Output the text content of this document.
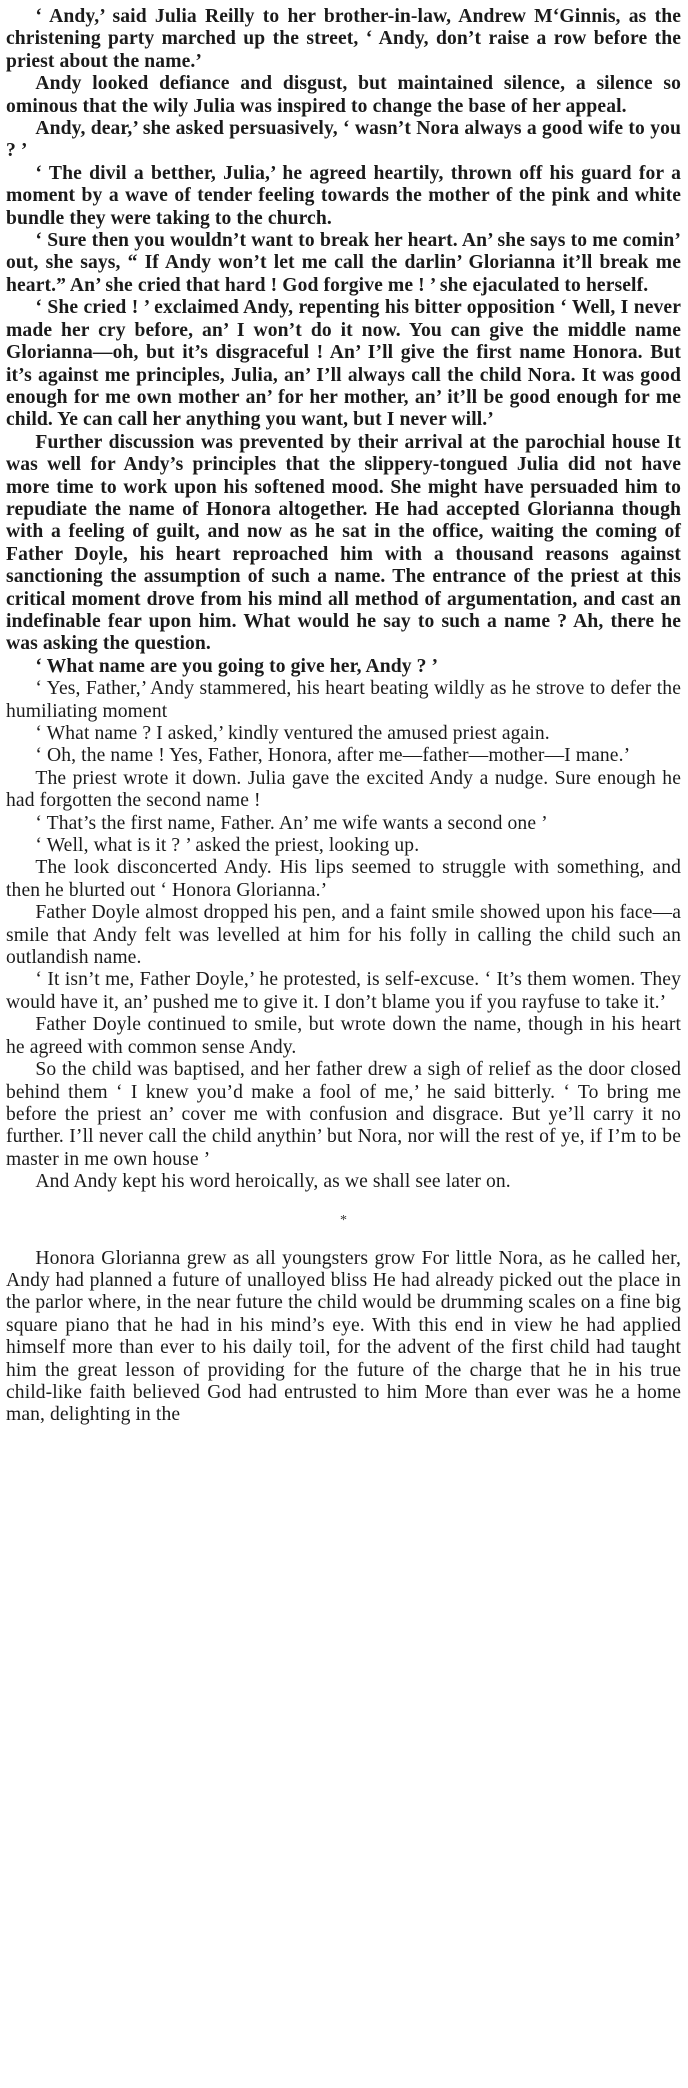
‘ Andy,’ said Julia Reilly to her brother-in-law, Andrew M‘Ginnis, as the christening party marched up the street, ‘ Andy, don’t raise a row before the priest about the name.’

Andy looked defiance and disgust, but maintained silence, a silence so ominous that the wily Julia was inspired to change the base of her appeal.

Andy, dear,’ she asked persuasively, ‘ wasn’t Nora always a good wife to you ? ’

‘ The divil a betther, Julia,’ he agreed heartily, thrown off his guard for a moment by a wave of tender feeling towards the mother of the pink and white bundle they were taking to the church.

‘ Sure then you wouldn’t want to break her heart. An’ she says to me comin’ out, she says, “ If Andy won’t let me call the darlin’ Glorianna it’ll break me heart.” An’ she cried that hard ! God forgive me ! ’ she ejaculated to herself.

‘ She cried ! ’ exclaimed Andy, repenting his bitter opposition ‘ Well, I never made her cry before, an’ I won’t do it now. You can give the middle name Glorianna—oh, but it’s disgraceful ! An’ I’ll give the first name Honora. But it’s against me principles, Julia, an’ I’ll always call the child Nora. It was good enough for me own mother an’ for her mother, an’ it’ll be good enough for me child. Ye can call her anything you want, but I never will.’

Further discussion was prevented by their arrival at the parochial house It was well for Andy’s principles that the slippery-tongued Julia did not have more time to work upon his softened mood. She might have persuaded him to repudiate the name of Honora altogether. He had accepted Glorianna though with a feeling of guilt, and now as he sat in the office, waiting the coming of Father Doyle, his heart reproached him with a thousand reasons against sanctioning the assumption of such a name. The entrance of the priest at this critical moment drove from his mind all method of argumentation, and cast an indefinable fear upon him. What would he say to such a name ? Ah, there he was asking the question.

‘ What name are you going to give her, Andy ? ’

‘ Yes, Father,’ Andy stammered, his heart beating wildly as he strove to defer the humiliating moment

‘ What name ? I asked,’ kindly ventured the amused priest again.

‘ Oh, the name ! Yes, Father, Honora, after me—father—mother—I mane.’

The priest wrote it down. Julia gave the excited Andy a nudge. Sure enough he had forgotten the second name !

‘ That’s the first name, Father. An’ me wife wants a second one ’

‘ Well, what is it ? ’ asked the priest, looking up.

The look disconcerted Andy. His lips seemed to struggle with something, and then he blurted out ‘ Honora Glorianna.’

Father Doyle almost dropped his pen, and a faint smile showed upon his face—a smile that Andy felt was levelled at him for his folly in calling the child such an outlandish name.

‘ It isn’t me, Father Doyle,’ he protested, is self-excuse. ‘ It’s them women. They would have it, an’ pushed me to give it. I don’t blame you if you rayfuse to take it.’

Father Doyle continued to smile, but wrote down the name, though in his heart he agreed with common sense Andy.

So the child was baptised, and her father drew a sigh of relief as the door closed behind them ‘ I knew you’d make a fool of me,’ he said bitterly. ‘ To bring me before the priest an’ cover me with confusion and disgrace. But ye’ll carry it no further. I’ll never call the child anythin’ but Nora, nor will the rest of ye, if I’m to be master in me own house ’

And Andy kept his word heroically, as we shall see later on.

*

Honora Glorianna grew as all youngsters grow For little Nora, as he called her, Andy had planned a future of unalloyed bliss He had already picked out the place in the parlor where, in the near future the child would be drumming scales on a fine big square piano that he had in his mind’s eye. With this end in view he had applied himself more than ever to his daily toil, for the advent of the first child had taught him the great lesson of providing for the future of the charge that he in his true child-like faith believed God had entrusted to him More than ever was he a home man, delighting in the
